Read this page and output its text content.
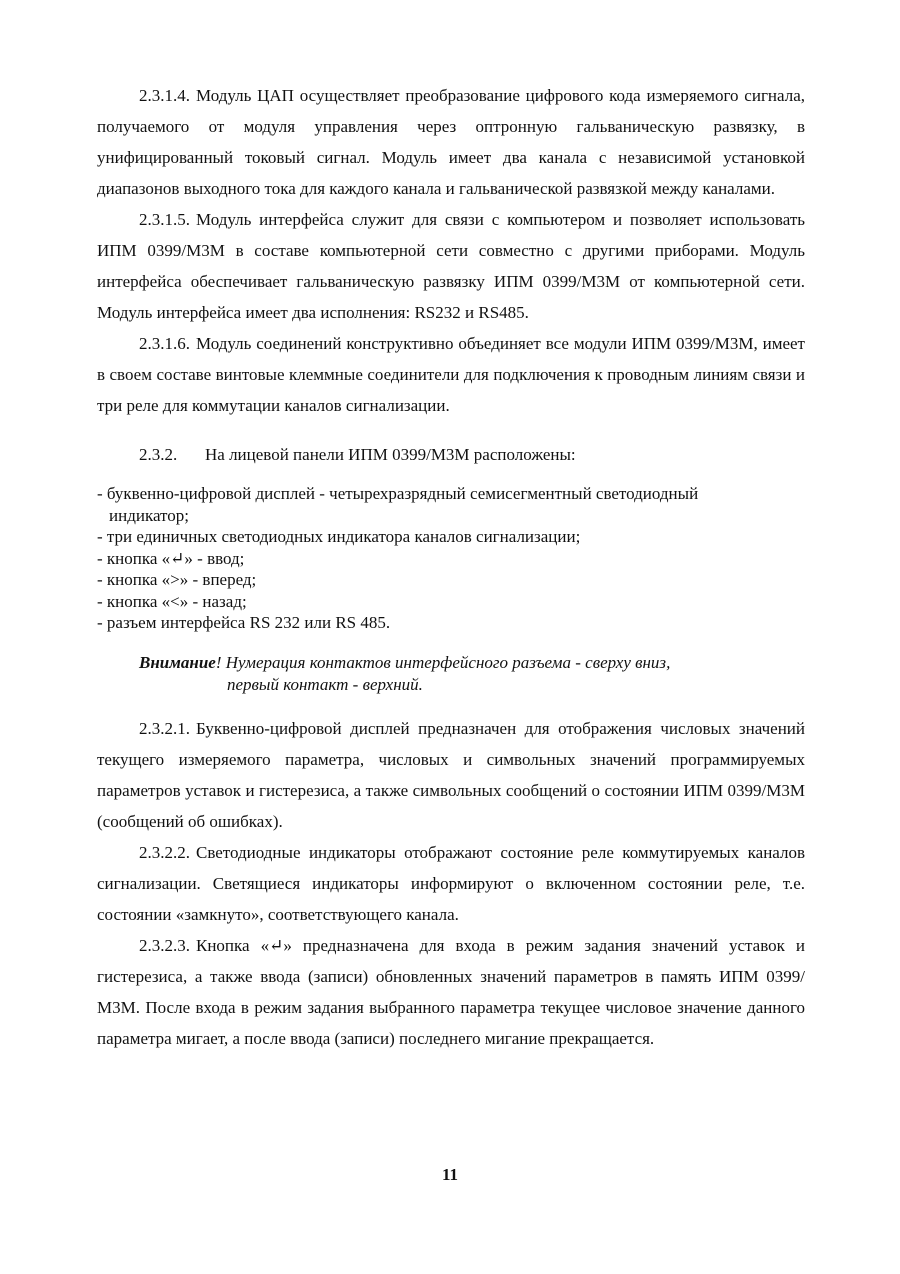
2.3.1.4. Модуль ЦАП осуществляет преобразование цифрового кода измеряемого сигнала, получаемого от модуля управления через оптронную гальваническую развязку, в унифицированный токовый сигнал. Модуль имеет два канала с независимой установкой диапазонов выходного тока для каждого канала и гальванической развязкой между каналами.

2.3.1.5. Модуль интерфейса служит для связи с компьютером и позволяет использовать ИПМ 0399/М3М в составе компьютерной сети совместно с другими приборами. Модуль интерфейса обеспечивает гальваническую развязку ИПМ 0399/М3М от компьютерной сети. Модуль интерфейса имеет два исполнения: RS232 и RS485.

2.3.1.6. Модуль соединений конструктивно объединяет все модули ИПМ 0399/М3М, имеет в своем составе винтовые клеммные соединители для подключения к проводным линиям связи и три реле для коммутации каналов сигнализации.

2.3.2. На лицевой панели ИПМ 0399/М3М расположены:
- буквенно-цифровой дисплей - четырехразрядный семисегментный светодиодный индикатор;
- три единичных светодиодных индикатора каналов сигнализации;
- кнопка «↵» - ввод;
- кнопка «>» - вперед;
- кнопка «<» - назад;
- разъем интерфейса RS 232 или RS 485.
Внимание! Нумерация контактов интерфейсного разъема - сверху вниз,
первый контакт - верхний.

2.3.2.1. Буквенно-цифровой дисплей предназначен для отображения числовых значений текущего измеряемого параметра, числовых и символьных значений программируемых параметров уставок и гистерезиса, а также символьных сообщений о состоянии ИПМ 0399/М3М (сообщений об ошибках).

2.3.2.2. Светодиодные индикаторы отображают состояние реле коммутируемых каналов сигнализации. Светящиеся индикаторы информируют о включенном состоянии реле, т.е. состоянии «замкнуто», соответствующего канала.

2.3.2.3. Кнопка «↵» предназначена для входа в режим задания значений уставок и гистерезиса, а также ввода (записи) обновленных значений параметров в память ИПМ 0399/М3М. После входа в режим задания выбранного параметра текущее числовое значение данного параметра мигает, а после ввода (записи) последнего мигание прекращается.

11
